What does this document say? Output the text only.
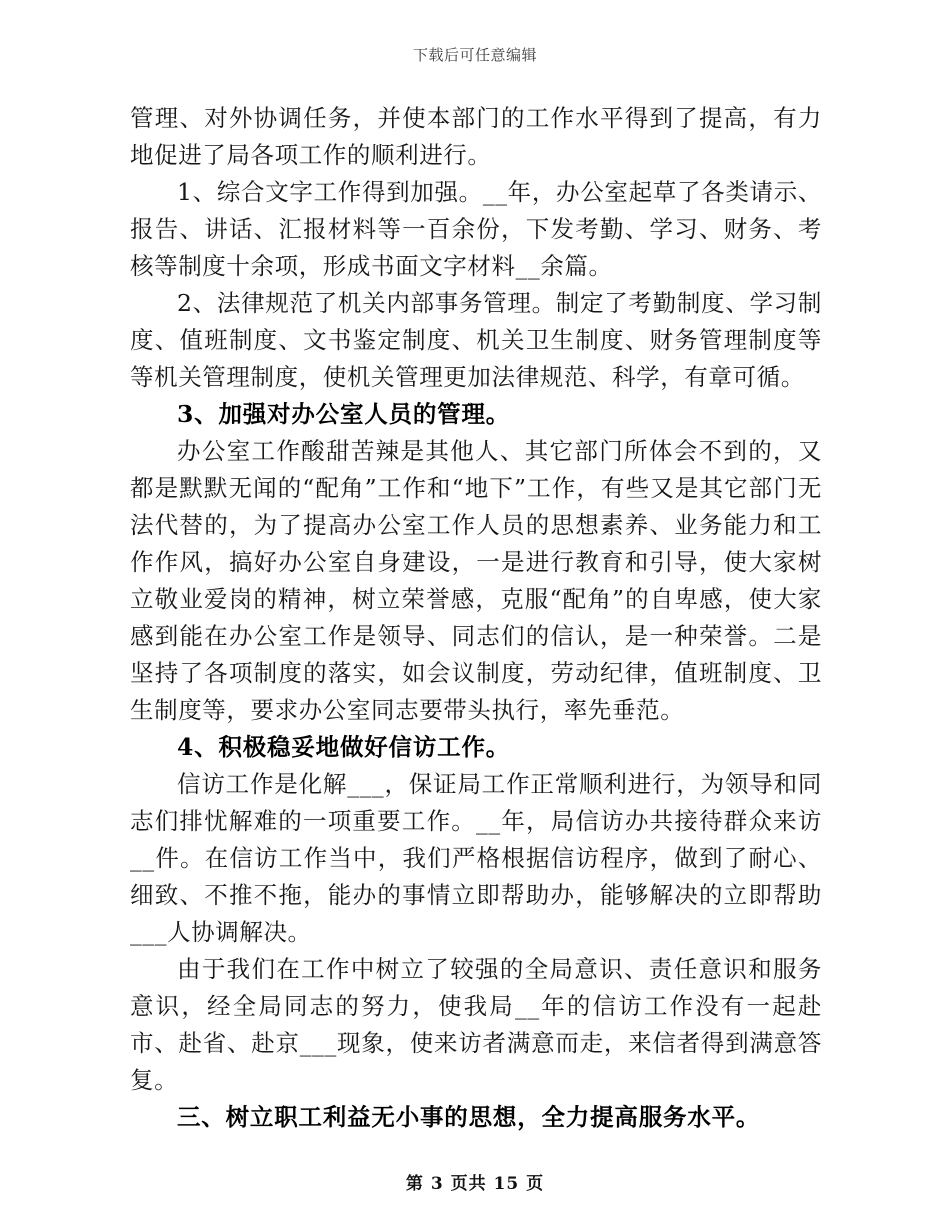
下载后可任意编辑

管理、对外协调任务，并使本部门的工作水平得到了提高，有力地促进了局各项工作的顺利进行。

1、综合文字工作得到加强。__年，办公室起草了各类请示、报告、讲话、汇报材料等一百余份，下发考勤、学习、财务、考核等制度十余项，形成书面文字材料__余篇。

2、法律规范了机关内部事务管理。制定了考勤制度、学习制度、值班制度、文书鉴定制度、机关卫生制度、财务管理制度等等机关管理制度，使机关管理更加法律规范、科学，有章可循。

3、加强对办公室人员的管理。

办公室工作酸甜苦辣是其他人、其它部门所体会不到的，又都是默默无闻的“配角”工作和“地下”工作，有些又是其它部门无法代替的，为了提高办公室工作人员的思想素养、业务能力和工作作风，搞好办公室自身建设，一是进行教育和引导，使大家树立敬业爱岗的精神，树立荣誉感，克服“配角”的自卑感，使大家感到能在办公室工作是领导、同志们的信认，是一种荣誉。二是坚持了各项制度的落实，如会议制度，劳动纪律，值班制度、卫生制度等，要求办公室同志要带头执行，率先垂范。

4、积极稳妥地做好信访工作。

信访工作是化解___，保证局工作正常顺利进行，为领导和同志们排忧解难的一项重要工作。__年，局信访办共接待群众来访__件。在信访工作当中，我们严格根据信访程序，做到了耐心、细致、不推不拖，能办的事情立即帮助办，能够解决的立即帮助___人协调解决。

由于我们在工作中树立了较强的全局意识、责任意识和服务意识，经全局同志的努力，使我局__年的信访工作没有一起赴市、赴省、赴京___现象，使来访者满意而走，来信者得到满意答复。

三、树立职工利益无小事的思想，全力提高服务水平。

第 3 页共 15 页
